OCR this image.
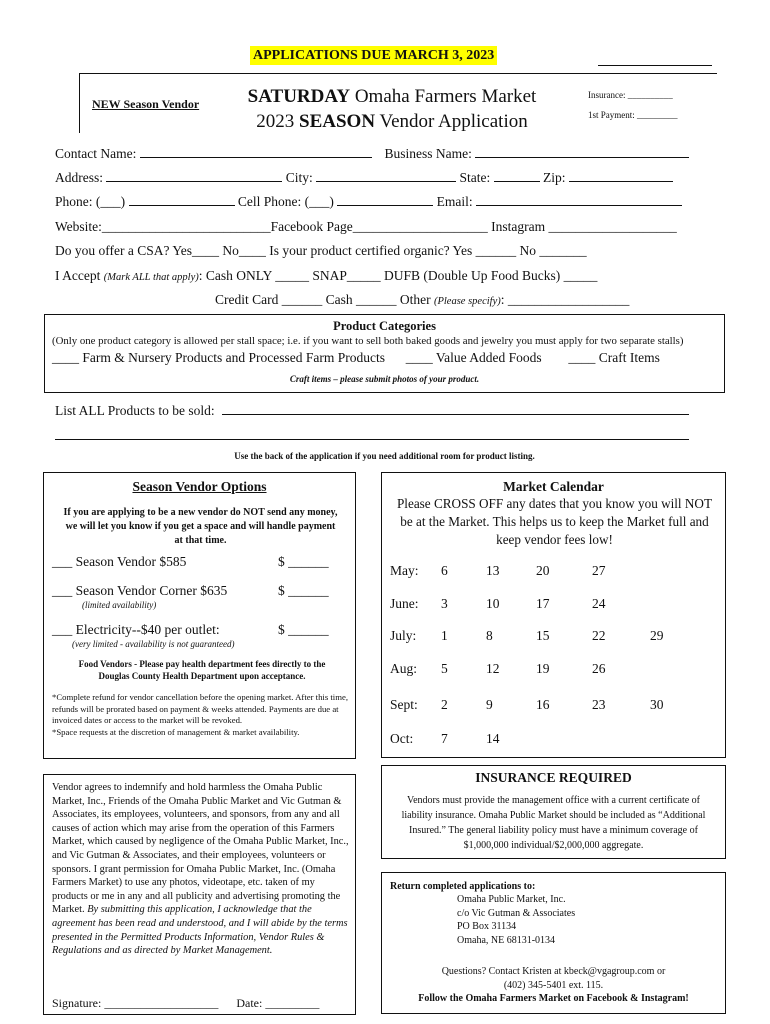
APPLICATIONS DUE MARCH 3, 2023
NEW Season Vendor	SATURDAY Omaha Farmers Market
2023 SEASON Vendor Application
Insurance: __________
1st Payment: _________
Contact Name:	Business Name:
Address:	City:	State:	Zip:
Phone: (___)	Cell Phone: (___)	Email:
Website:_________________________Facebook Page____________________ Instagram ___________________
Do you offer a CSA? Yes____ No____ Is your product certified organic? Yes ______ No _______
I Accept (Mark ALL that apply): Cash ONLY _____ SNAP_____ DUFB (Double Up Food Bucks) _____
Credit Card ______ Cash ______ Other (Please specify): __________________
Product Categories
(Only one product category is allowed per stall space; i.e. if you want to sell both baked goods and jewelry you must apply for two separate stalls)
____ Farm & Nursery Products and Processed Farm Products ____ Value Added Foods ____ Craft Items
Craft items – please submit photos of your product.
List ALL Products to be sold:
Use the back of the application if you need additional room for product listing.
Season Vendor Options
If you are applying to be a new vendor do NOT send any money, we will let you know if you get a space and will handle payment at that time.
___ Season Vendor $585	$ ______
___ Season Vendor Corner $635	$ ______
(limited availability)
___ Electricity--$40 per outlet:	$ ______
(very limited - availability is not guaranteed)
Food Vendors - Please pay health department fees directly to the
Douglas County Health Department upon acceptance.
*Complete refund for vendor cancellation before the opening market. After this time, refunds will be prorated based on payment & weeks attended. Payments are due at invoiced dates or access to the market will be revoked.
*Space requests at the discretion of management & market availability.
Market Calendar
Please CROSS OFF any dates that you know you will NOT be at the Market. This helps us to keep the Market full and keep vendor fees low!
May: 6	13	20	27
June: 3	10	17	24
July: 1	8	15	22	29
Aug: 5	12	19	26
Sept: 2	9	16	23	30
Oct: 7	14
Vendor agrees to indemnify and hold harmless the Omaha Public Market, Inc., Friends of the Omaha Public Market and Vic Gutman & Associates, its employees, volunteers, and sponsors, from any and all causes of action which may arise from the operation of this Farmers Market, which caused by negligence of the Omaha Public Market, Inc., and Vic Gutman & Associates, and their employees, volunteers or sponsors. I grant permission for Omaha Public Market, Inc. (Omaha Farmers Market) to use any photos, videotape, etc. taken of my products or me in any and all publicity and advertising promoting the Market. By submitting this application, I acknowledge that the agreement has been read and understood, and I will abide by the terms presented in the Permitted Products Information, Vendor Rules & Regulations and as directed by Market Management.
Signature: ___________________ Date: _________
INSURANCE REQUIRED
Vendors must provide the management office with a current certificate of liability insurance. Omaha Public Market should be included as “Additional Insured.” The general liability policy must have a minimum coverage of $1,000,000 individual/$2,000,000 aggregate.
Return completed applications to:
Omaha Public Market, Inc.
c/o Vic Gutman & Associates
PO Box 31134
Omaha, NE 68131-0134
Questions? Contact Kristen at kbeck@vgagroup.com or
(402) 345-5401 ext. 115.
Follow the Omaha Farmers Market on Facebook & Instagram!
